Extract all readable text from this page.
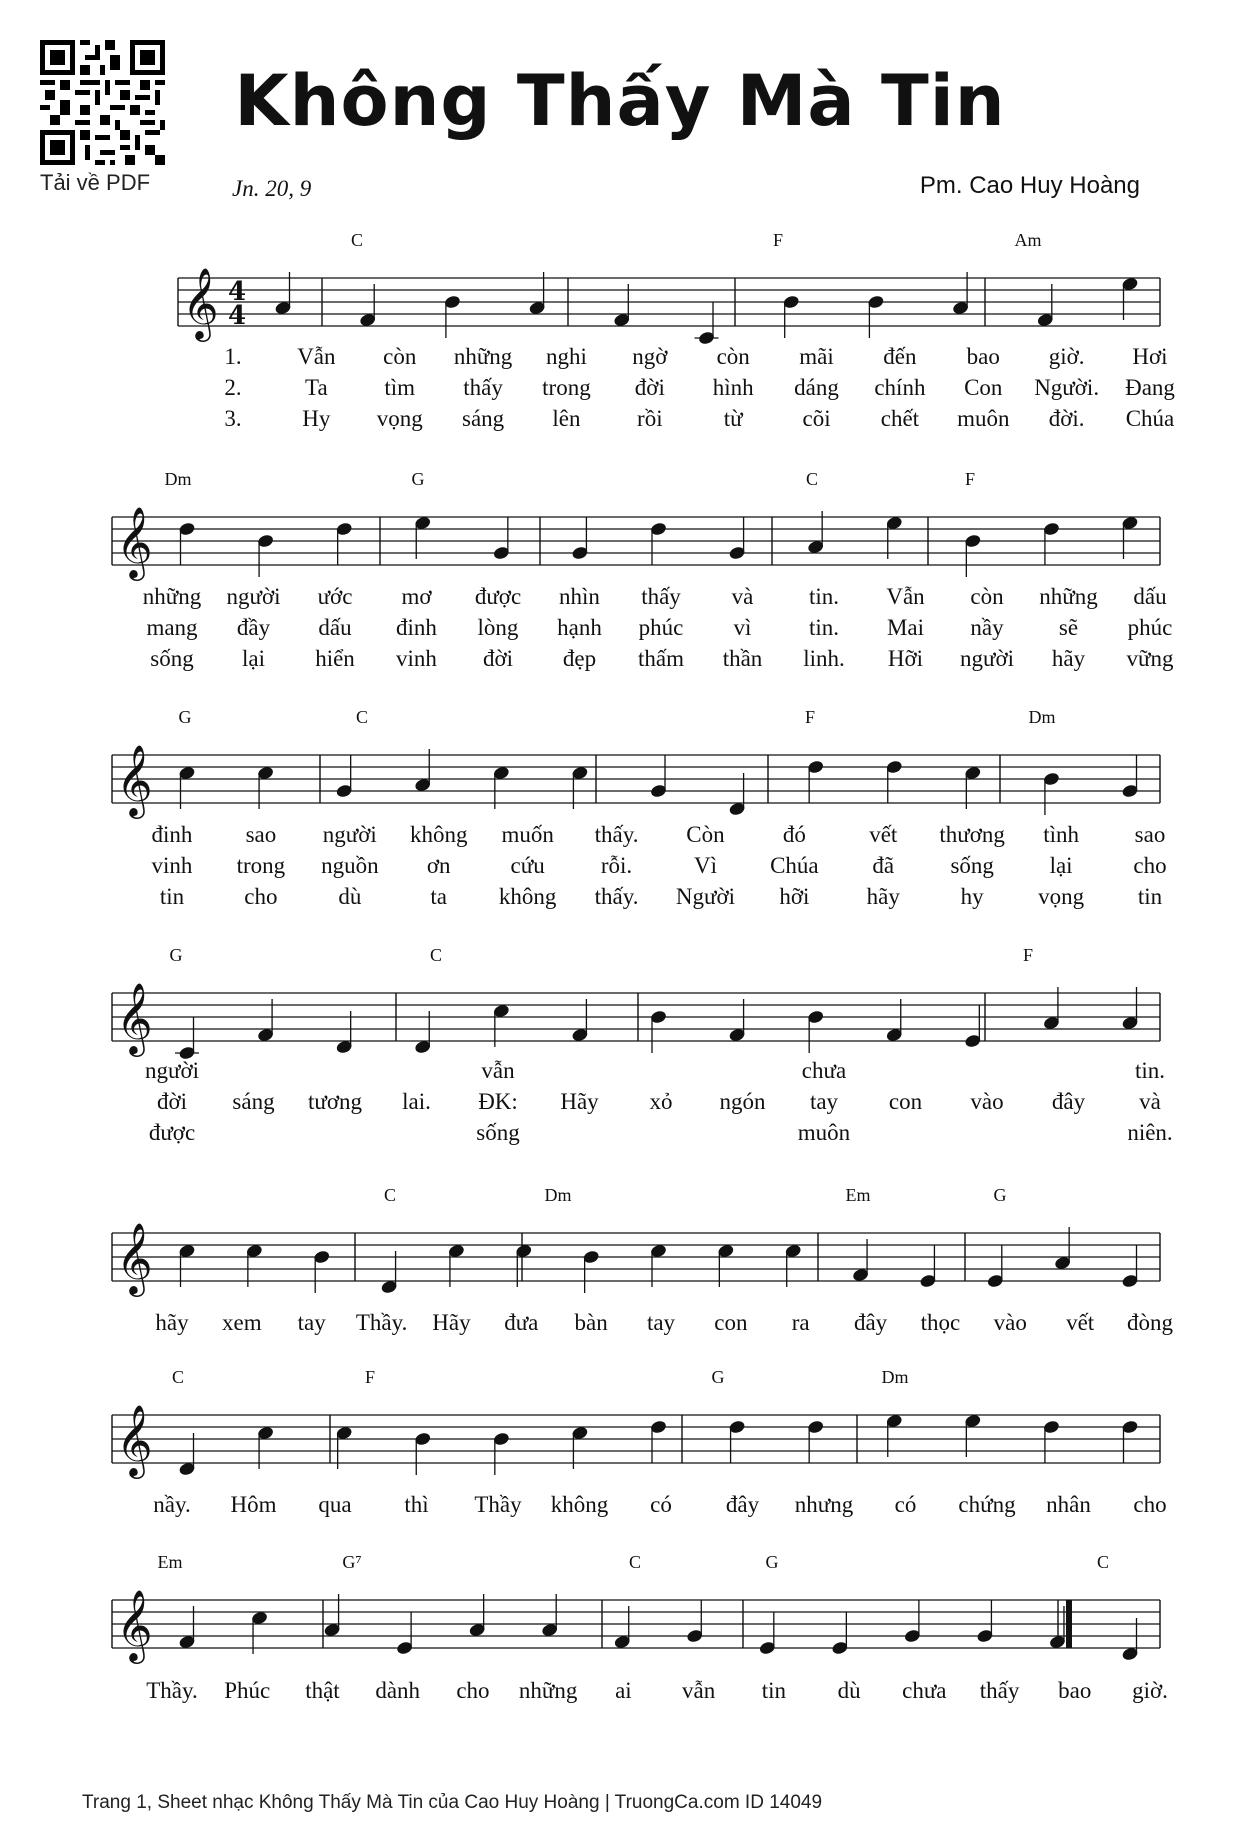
Tải về PDF
Không Thấy Mà Tin
Jn. 20, 9	Pm. Cao Huy Hoàng
𝄞 4
4
C	F	Am
1. Vẫn còn những nghi ngờ còn mãi đến bao giờ. Hơi
2.	Ta tìm thấy trong đời hình dáng chính Con Người. Đang
3.	Hy vọng sáng lên rồi	từ	cõi chết muôn đời. Chúa
𝄞
Dm	G	C	F
những người ước mơ được nhìn thấy và tin. Vẫn còn những dấu
mang đầy dấu đinh lòng hạnh phúc vì	tin. Mai nầy sẽ phúc
sống lại hiển vinh đời đẹp thấm thần linh. Hỡi người hãy vững
𝄞
G	C	F	Dm
đinh sao người không muốn thấy. Còn	đó	vết thương tình sao
vinh trong nguồn ơn	cứu rỗi.	Vì Chúa đã sống lại	cho
tin	cho	dù	ta không thấy. Người hỡi hãy	hy vọng tin
𝄞
G	C	F
người	vẫn	chưa	tin.
đời sáng tương lai. ĐK: Hãy xỏ ngón tay con vào đây và
được	sống	muôn	niên.
𝄞
C	Dm	Em	G
hãy xem tay Thầy. Hãy đưa bàn tay con ra đây thọc vào vết đòng
𝄞
C	F	G	Dm
nầy. Hôm qua thì Thầy không có đây nhưng có chứng nhân cho
𝄞
Em	G⁷	C	G	C
Thầy. Phúc thật dành cho những ai vẫn tin dù chưa thấy bao giờ.
Trang 1, Sheet nhạc Không Thấy Mà Tin của Cao Huy Hoàng | TruongCa.com ID 14049
